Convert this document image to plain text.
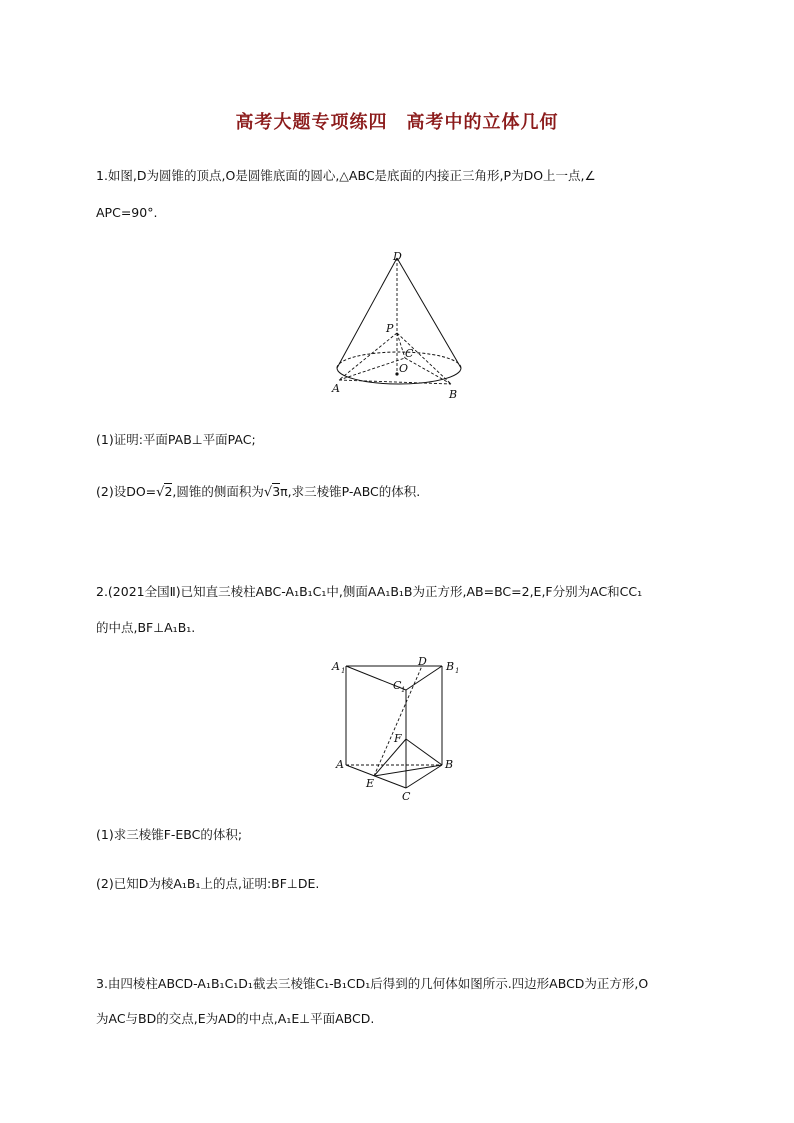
高考大题专项练四　高考中的立体几何
1.如图,D为圆锥的顶点,O是圆锥底面的圆心,△ABC是底面的内接正三角形,P为DO上一点,∠
APC=90°.
D
P
C
O
A	B
(1)证明:平面PAB⊥平面PAC;
(2)设DO=√2,圆锥的侧面积为√3π,求三棱锥P-ABC的体积.
2.(2021全国Ⅱ)已知直三棱柱ABC-A₁B₁C₁中,侧面AA₁B₁B为正方形,AB=BC=2,E,F分别为AC和CC₁
的中点,BF⊥A₁B₁.
A 1
D B 1
C 1
F
A	B
E
C
(1)求三棱锥F-EBC的体积;
(2)已知D为棱A₁B₁上的点,证明:BF⊥DE.
3.由四棱柱ABCD-A₁B₁C₁D₁截去三棱锥C₁-B₁CD₁后得到的几何体如图所示.四边形ABCD为正方形,O
为AC与BD的交点,E为AD的中点,A₁E⊥平面ABCD.
